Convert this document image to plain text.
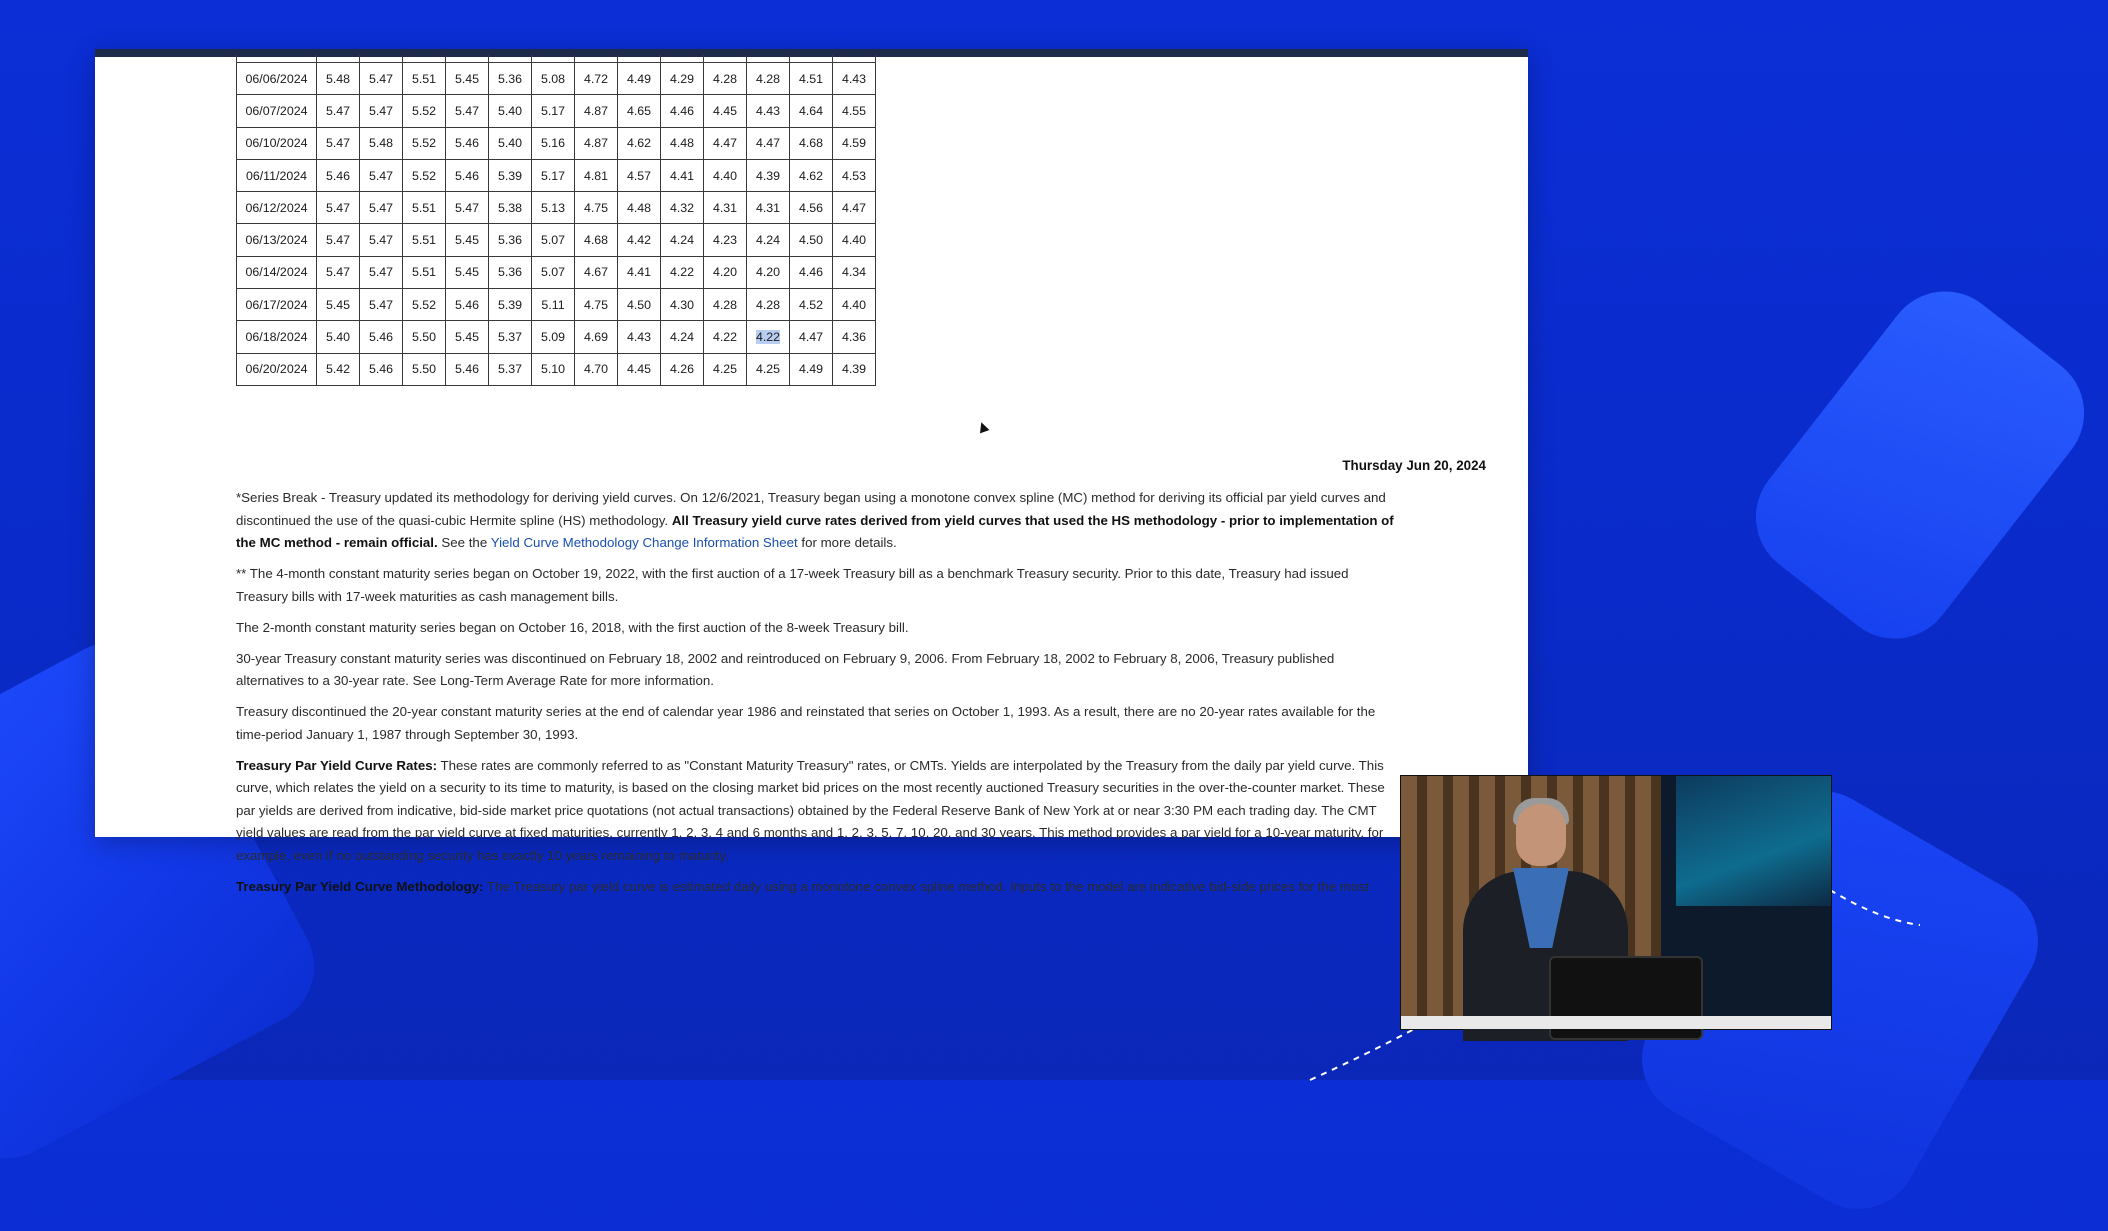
06/06/2024	5.48	5.47	5.51	5.45	5.36	5.08	4.72	4.49	4.29	4.28	4.28	4.51	4.43
06/07/2024	5.47	5.47	5.52	5.47	5.40	5.17	4.87	4.65	4.46	4.45	4.43	4.64	4.55
06/10/2024	5.47	5.48	5.52	5.46	5.40	5.16	4.87	4.62	4.48	4.47	4.47	4.68	4.59
06/11/2024	5.46	5.47	5.52	5.46	5.39	5.17	4.81	4.57	4.41	4.40	4.39	4.62	4.53
06/12/2024	5.47	5.47	5.51	5.47	5.38	5.13	4.75	4.48	4.32	4.31	4.31	4.56	4.47
06/13/2024	5.47	5.47	5.51	5.45	5.36	5.07	4.68	4.42	4.24	4.23	4.24	4.50	4.40
06/14/2024	5.47	5.47	5.51	5.45	5.36	5.07	4.67	4.41	4.22	4.20	4.20	4.46	4.34
06/17/2024	5.45	5.47	5.52	5.46	5.39	5.11	4.75	4.50	4.30	4.28	4.28	4.52	4.40
06/18/2024	5.40	5.46	5.50	5.45	5.37	5.09	4.69	4.43	4.24	4.22	4.22	4.47	4.36
06/20/2024	5.42	5.46	5.50	5.46	5.37	5.10	4.70	4.45	4.26	4.25	4.25	4.49	4.39
Thursday Jun 20, 2024

*Series Break - Treasury updated its methodology for deriving yield curves. On 12/6/2021, Treasury began using a monotone convex spline (MC) method for deriving its official par yield curves and discontinued the use of the quasi-cubic Hermite spline (HS) methodology. All Treasury yield curve rates derived from yield curves that used the HS methodology - prior to implementation of the MC method - remain official. See the Yield Curve Methodology Change Information Sheet for more details.

** The 4-month constant maturity series began on October 19, 2022, with the first auction of a 17-week Treasury bill as a benchmark Treasury security. Prior to this date, Treasury had issued Treasury bills with 17-week maturities as cash management bills.

The 2-month constant maturity series began on October 16, 2018, with the first auction of the 8-week Treasury bill.

30-year Treasury constant maturity series was discontinued on February 18, 2002 and reintroduced on February 9, 2006. From February 18, 2002 to February 8, 2006, Treasury published alternatives to a 30-year rate. See Long-Term Average Rate for more information.

Treasury discontinued the 20-year constant maturity series at the end of calendar year 1986 and reinstated that series on October 1, 1993. As a result, there are no 20-year rates available for the time-period January 1, 1987 through September 30, 1993.

Treasury Par Yield Curve Rates: These rates are commonly referred to as "Constant Maturity Treasury" rates, or CMTs. Yields are interpolated by the Treasury from the daily par yield curve. This curve, which relates the yield on a security to its time to maturity, is based on the closing market bid prices on the most recently auctioned Treasury securities in the over-the-counter market. These par yields are derived from indicative, bid-side market price quotations (not actual transactions) obtained by the Federal Reserve Bank of New York at or near 3:30 PM each trading day. The CMT yield values are read from the par yield curve at fixed maturities, currently 1, 2, 3, 4 and 6 months and 1, 2, 3, 5, 7, 10, 20, and 30 years. This method provides a par yield for a 10-year maturity, for example, even if no outstanding security has exactly 10 years remaining to maturity.

Treasury Par Yield Curve Methodology: The Treasury par yield curve is estimated daily using a monotone convex spline method. Inputs to the model are indicative bid-side prices for the most
